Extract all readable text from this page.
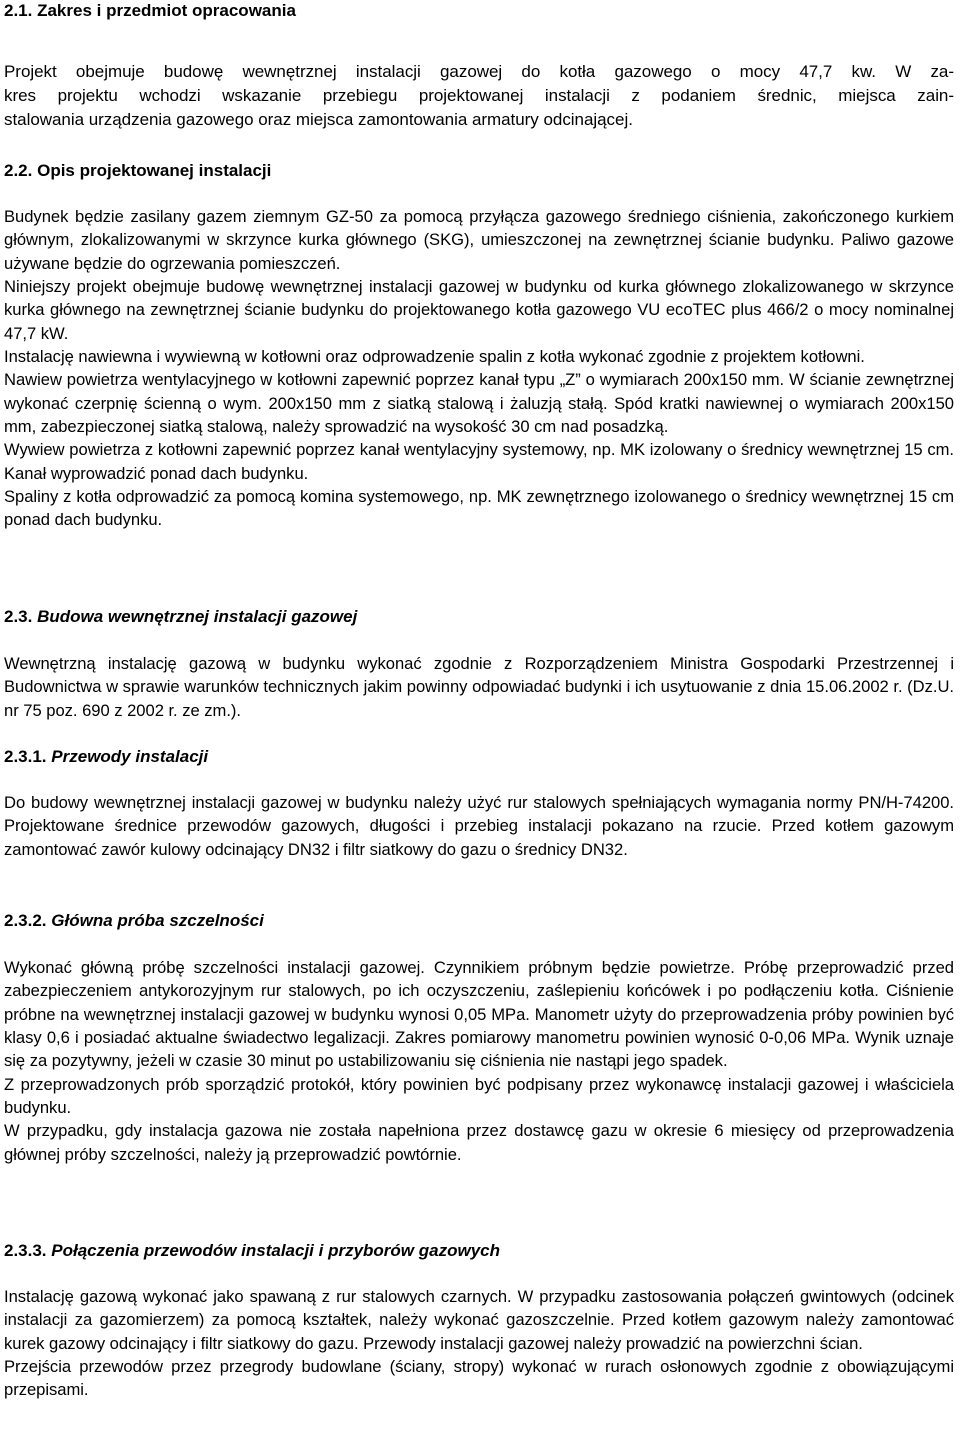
2.1. Zakres i przedmiot opracowania

Projekt obejmuje budowę wewnętrznej instalacji gazowej do kotła gazowego o mocy 47,7 kw. W za-
kres projektu wchodzi wskazanie przebiegu projektowanej instalacji z podaniem średnic, miejsca zain-
stalowania urządzenia gazowego oraz miejsca zamontowania armatury odcinającej.

2.2. Opis projektowanej instalacji

Budynek będzie zasilany gazem ziemnym GZ-50 za pomocą przyłącza gazowego średniego ciśnienia, zakończonego kurkiem głównym, zlokalizowanymi w skrzynce kurka głównego (SKG), umieszczonej na zewnętrznej ścianie budynku. Paliwo gazowe używane będzie do ogrzewania pomieszczeń.

Niniejszy projekt obejmuje budowę wewnętrznej instalacji gazowej w budynku od kurka głównego zlokalizowanego w skrzynce kurka głównego na zewnętrznej ścianie budynku do projektowanego kotła gazowego VU ecoTEC plus 466/2 o mocy nominalnej 47,7 kW.

Instalację nawiewna i wywiewną w kotłowni oraz odprowadzenie spalin z kotła wykonać zgodnie z projektem kotłowni.

Nawiew powietrza wentylacyjnego w kotłowni zapewnić poprzez kanał typu „Z” o wymiarach 200x150 mm. W ścianie zewnętrznej wykonać czerpnię ścienną o wym. 200x150 mm z siatką stalową i żaluzją stałą. Spód kratki nawiewnej o wymiarach 200x150 mm, zabezpieczonej siatką stalową, należy sprowadzić na wysokość 30 cm nad posadzką.

Wywiew powietrza z kotłowni zapewnić poprzez kanał wentylacyjny systemowy, np. MK izolowany o średnicy wewnętrznej 15 cm. Kanał wyprowadzić ponad dach budynku.

Spaliny z kotła odprowadzić za pomocą komina systemowego, np. MK zewnętrznego izolowanego o średnicy wewnętrznej 15 cm ponad dach budynku.

2.3. Budowa wewnętrznej instalacji gazowej

Wewnętrzną instalację gazową w budynku wykonać zgodnie z Rozporządzeniem Ministra Gospodarki Przestrzennej i Budownictwa w sprawie warunków technicznych jakim powinny odpowiadać budynki i ich usytuowanie z dnia 15.06.2002 r. (Dz.U. nr 75 poz. 690 z 2002 r. ze zm.).

2.3.1. Przewody instalacji

Do budowy wewnętrznej instalacji gazowej w budynku należy użyć rur stalowych spełniających wymagania normy PN/H-74200. Projektowane średnice przewodów gazowych, długości i przebieg instalacji pokazano na rzucie. Przed kotłem gazowym zamontować zawór kulowy odcinający DN32 i filtr siatkowy do gazu o średnicy DN32.

2.3.2. Główna próba szczelności

Wykonać główną próbę szczelności instalacji gazowej. Czynnikiem próbnym będzie powietrze. Próbę przeprowadzić przed zabezpieczeniem antykorozyjnym rur stalowych, po ich oczyszczeniu, zaślepieniu końcówek i po podłączeniu kotła. Ciśnienie próbne na wewnętrznej instalacji gazowej w budynku wynosi 0,05 MPa. Manometr użyty do przeprowadzenia próby powinien być klasy 0,6 i posiadać aktualne świadectwo legalizacji. Zakres pomiarowy manometru powinien wynosić 0-0,06 MPa. Wynik uznaje się za pozytywny, jeżeli w czasie 30 minut po ustabilizowaniu się ciśnienia nie nastąpi jego spadek.

Z przeprowadzonych prób sporządzić protokół, który powinien być podpisany przez wykonawcę instalacji gazowej i właściciela budynku.

W przypadku, gdy instalacja gazowa nie została napełniona przez dostawcę gazu w okresie 6 miesięcy od przeprowadzenia głównej próby szczelności, należy ją przeprowadzić powtórnie.

2.3.3. Połączenia przewodów instalacji i przyborów gazowych

Instalację gazową wykonać jako spawaną z rur stalowych czarnych. W przypadku zastosowania połączeń gwintowych (odcinek instalacji za gazomierzem) za pomocą kształtek, należy wykonać gazoszczelnie. Przed kotłem gazowym należy zamontować kurek gazowy odcinający i filtr siatkowy do gazu. Przewody instalacji gazowej należy prowadzić na powierzchni ścian.

Przejścia przewodów przez przegrody budowlane (ściany, stropy) wykonać w rurach osłonowych zgodnie z obowiązującymi przepisami.
